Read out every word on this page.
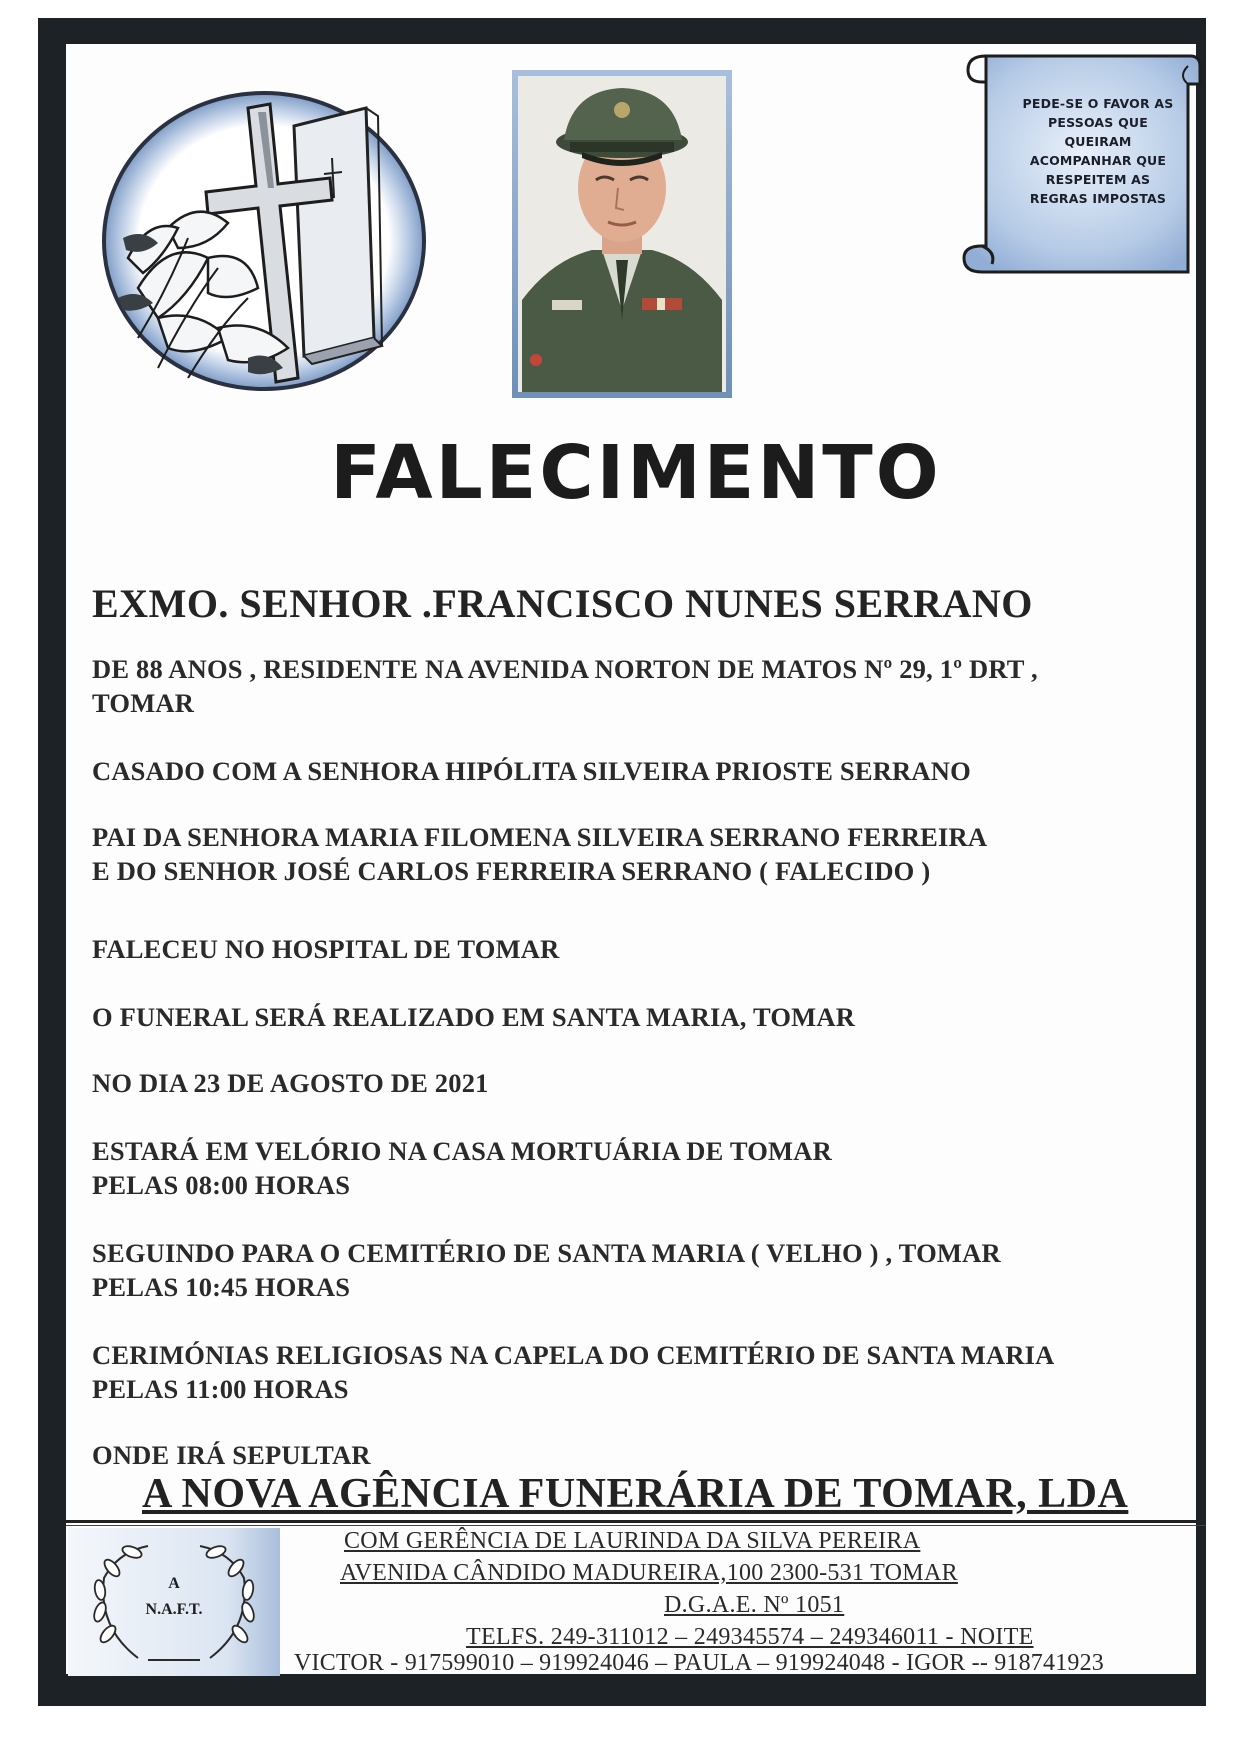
PEDE-SE O FAVOR AS
PESSOAS QUE
QUEIRAM
ACOMPANHAR QUE
RESPEITEM AS
REGRAS IMPOSTAS
FALECIMENTO
EXMO. SENHOR .FRANCISCO NUNES SERRANO
DE 88 ANOS , RESIDENTE NA AVENIDA NORTON DE MATOS Nº 29, 1º DRT ,
TOMAR
CASADO COM A SENHORA HIPÓLITA SILVEIRA PRIOSTE SERRANO
PAI DA SENHORA MARIA FILOMENA SILVEIRA SERRANO FERREIRA
E DO SENHOR JOSÉ CARLOS FERREIRA SERRANO ( FALECIDO )
FALECEU NO HOSPITAL DE TOMAR
O FUNERAL SERÁ REALIZADO EM SANTA MARIA, TOMAR
NO DIA 23 DE AGOSTO DE 2021
ESTARÁ EM VELÓRIO NA CASA MORTUÁRIA DE TOMAR
PELAS 08:00 HORAS
SEGUINDO PARA O CEMITÉRIO DE SANTA MARIA ( VELHO ) , TOMAR
PELAS 10:45 HORAS
CERIMÓNIAS RELIGIOSAS NA CAPELA DO CEMITÉRIO DE SANTA MARIA
PELAS 11:00 HORAS
ONDE IRÁ SEPULTAR
A NOVA AGÊNCIA FUNERÁRIA DE TOMAR, LDA
A
N.A.F.T.
COM GERÊNCIA DE LAURINDA DA SILVA PEREIRA
AVENIDA CÂNDIDO MADUREIRA,100 2300-531 TOMAR
D.G.A.E. Nº 1051
TELFS. 249-311012 – 249345574 – 249346011 - NOITE
VICTOR - 917599010 – 919924046 – PAULA – 919924048 - IGOR -- 918741923
